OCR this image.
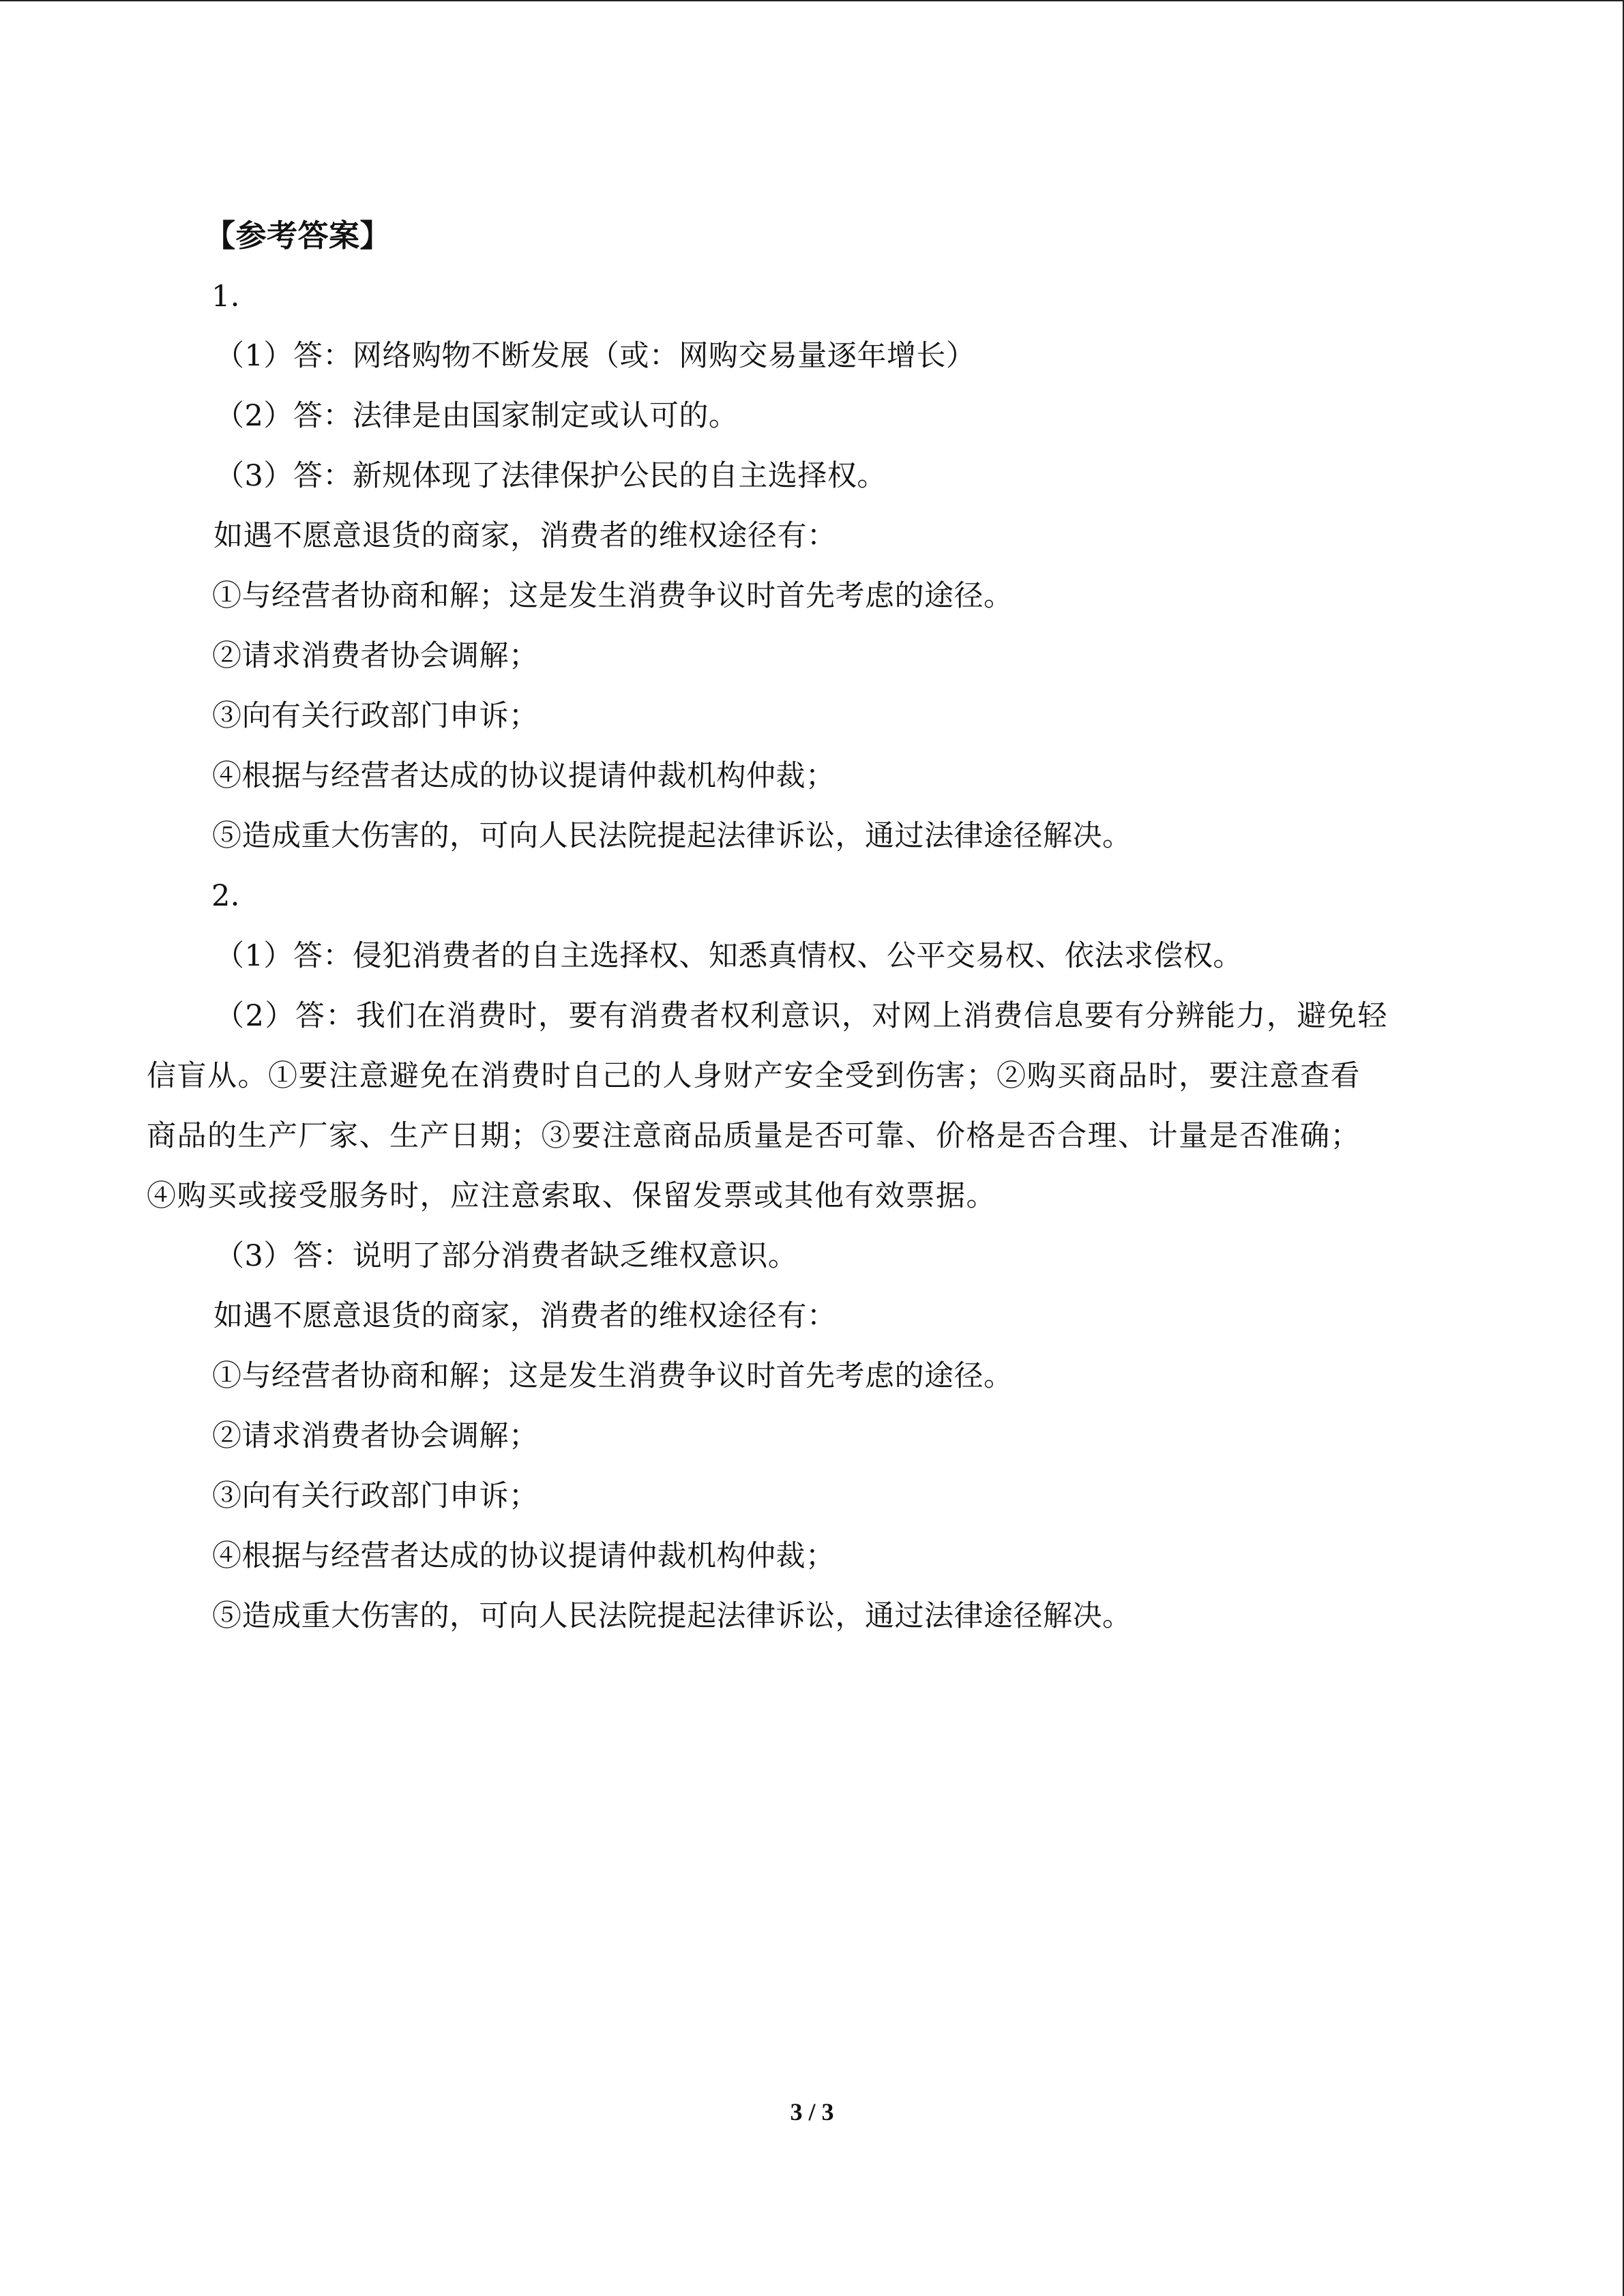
【参考答案】
1．
（1）答：网络购物不断发展（或：网购交易量逐年增长）
（2）答：法律是由国家制定或认可的。
（3）答：新规体现了法律保护公民的自主选择权。
如遇不愿意退货的商家，消费者的维权途径有：
①与经营者协商和解；这是发生消费争议时首先考虑的途径。
②请求消费者协会调解；
③向有关行政部门申诉；
④根据与经营者达成的协议提请仲裁机构仲裁；
⑤造成重大伤害的，可向人民法院提起法律诉讼，通过法律途径解决。
2．
（1）答：侵犯消费者的自主选择权、知悉真情权、公平交易权、依法求偿权。
（2）答：我们在消费时，要有消费者权利意识，对网上消费信息要有分辨能力，避免轻
信盲从。①要注意避免在消费时自己的人身财产安全受到伤害；②购买商品时，要注意查看
商品的生产厂家、生产日期；③要注意商品质量是否可靠、价格是否合理、计量是否准确；
④购买或接受服务时，应注意索取、保留发票或其他有效票据。
（3）答：说明了部分消费者缺乏维权意识。
如遇不愿意退货的商家，消费者的维权途径有：
①与经营者协商和解；这是发生消费争议时首先考虑的途径。
②请求消费者协会调解；
③向有关行政部门申诉；
④根据与经营者达成的协议提请仲裁机构仲裁；
⑤造成重大伤害的，可向人民法院提起法律诉讼，通过法律途径解决。
3 / 3
